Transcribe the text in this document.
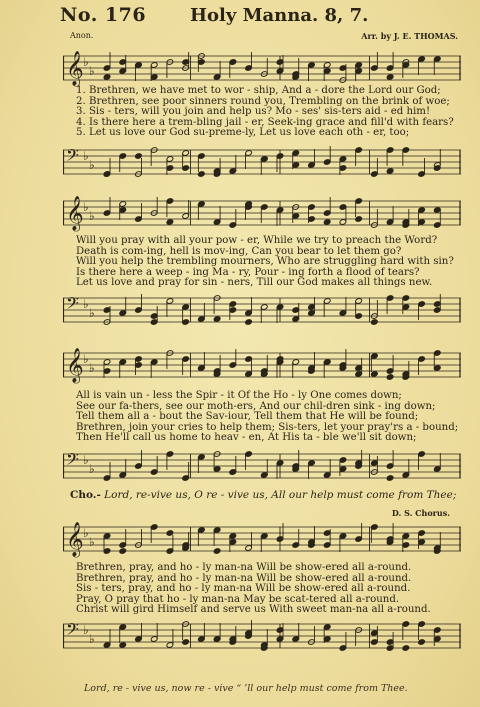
No. 176 Holy Manna. 8, 7.
Anon.	Arr. by J. E. THOMAS.
𝄞 ♭
♭
1. Brethren, we have met to wor - ship, And a - dore the Lord our God;
2. Brethren, see poor sinners round you, Trembling on the brink of woe;
3. Sis - ters, will you join and help us? Mo - ses' sis-ters aid - ed him!
4. Is there here a trem-bling jail - er, Seek-ing grace and fill'd with fears?
5. Let us love our God su-preme-ly, Let us love each oth - er, too;
𝄢 ♭
♭
𝄞 ♭
♭
Will you pray with all your pow - er, While we try to preach the Word?
Death is com-ing, hell is mov-ing, Can you bear to let them go?
Will you help the trembling mourners, Who are struggling hard with sin?
Is there here a weep - ing Ma - ry, Pour - ing forth a flood of tears?
Let us love and pray for sin - ners, Till our God makes all things new.
𝄢 ♭
♭
𝄞 ♭
♭
All is vain un - less the Spir - it Of the Ho - ly One comes down;
See our fa-thers, see our moth-ers, And our chil-dren sink - ing down;
Tell them all a - bout the Sav-iour, Tell them that He will be found;
Brethren, join your cries to help them; Sis-ters, let your pray'rs a - bound;
Then He'll call us home to heav - en, At His ta - ble we'll sit down;
𝄢 ♭
♭
Cho.- Lord, re-vive us, O re - vive us, All our help must come from Thee;
D. S. Chorus.
𝄞 ♭
♭
Brethren, pray, and ho - ly man-na Will be show-ered all a-round.
Brethren, pray, and ho - ly man-na Will be show-ered all a-round.
Sis - ters, pray, and ho - ly man-na Will be show-ered all a-round.
Pray, O pray that ho - ly man-na May be scat-tered all a-round.
Christ will gird Himself and serve us With sweet man-na all a-round.
𝄢 ♭
♭
Lord, re - vive us, now re - vive “ ’ll our help must come from Thee.
